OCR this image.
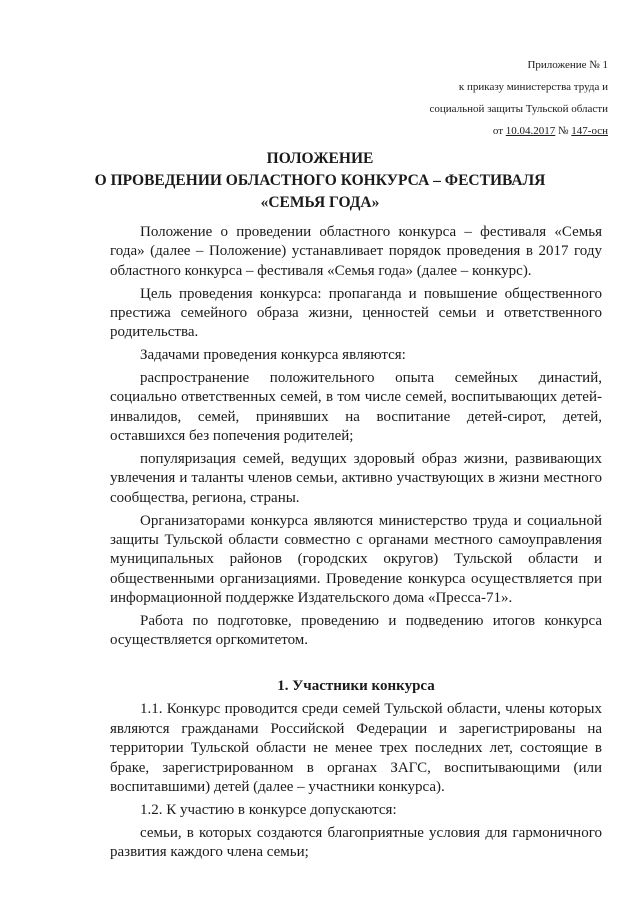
Приложение № 1
к приказу министерства труда и
социальной защиты Тульской области
от 10.04.2017 № 147-осн
ПОЛОЖЕНИЕ
О ПРОВЕДЕНИИ ОБЛАСТНОГО КОНКУРСА – ФЕСТИВАЛЯ
«СЕМЬЯ ГОДА»

Положение о проведении областного конкурса – фестиваля «Семья года» (далее – Положение) устанавливает порядок проведения в 2017 году областного конкурса – фестиваля «Семья года» (далее – конкурс).

Цель проведения конкурса: пропаганда и повышение общественного престижа семейного образа жизни, ценностей семьи и ответственного родительства.

Задачами проведения конкурса являются:

распространение положительного опыта семейных династий, социально ответственных семей, в том числе семей, воспитывающих детей-инвалидов, семей, принявших на воспитание детей-сирот, детей, оставшихся без попечения родителей;

популяризация семей, ведущих здоровый образ жизни, развивающих увлечения и таланты членов семьи, активно участвующих в жизни местного сообщества, региона, страны.

Организаторами конкурса являются министерство труда и социальной защиты Тульской области совместно с органами местного самоуправления муниципальных районов (городских округов) Тульской области и общественными организациями. Проведение конкурса осуществляется при информационной поддержке Издательского дома «Пресса-71».

Работа по подготовке, проведению и подведению итогов конкурса осуществляется оргкомитетом.

1. Участники конкурса

1.1. Конкурс проводится среди семей Тульской области, члены которых являются гражданами Российской Федерации и зарегистрированы на территории Тульской области не менее трех последних лет, состоящие в браке, зарегистрированном в органах ЗАГС, воспитывающими (или воспитавшими) детей (далее – участники конкурса).

1.2. К участию в конкурсе допускаются:

семьи, в которых создаются благоприятные условия для гармоничного развития каждого члена семьи;
